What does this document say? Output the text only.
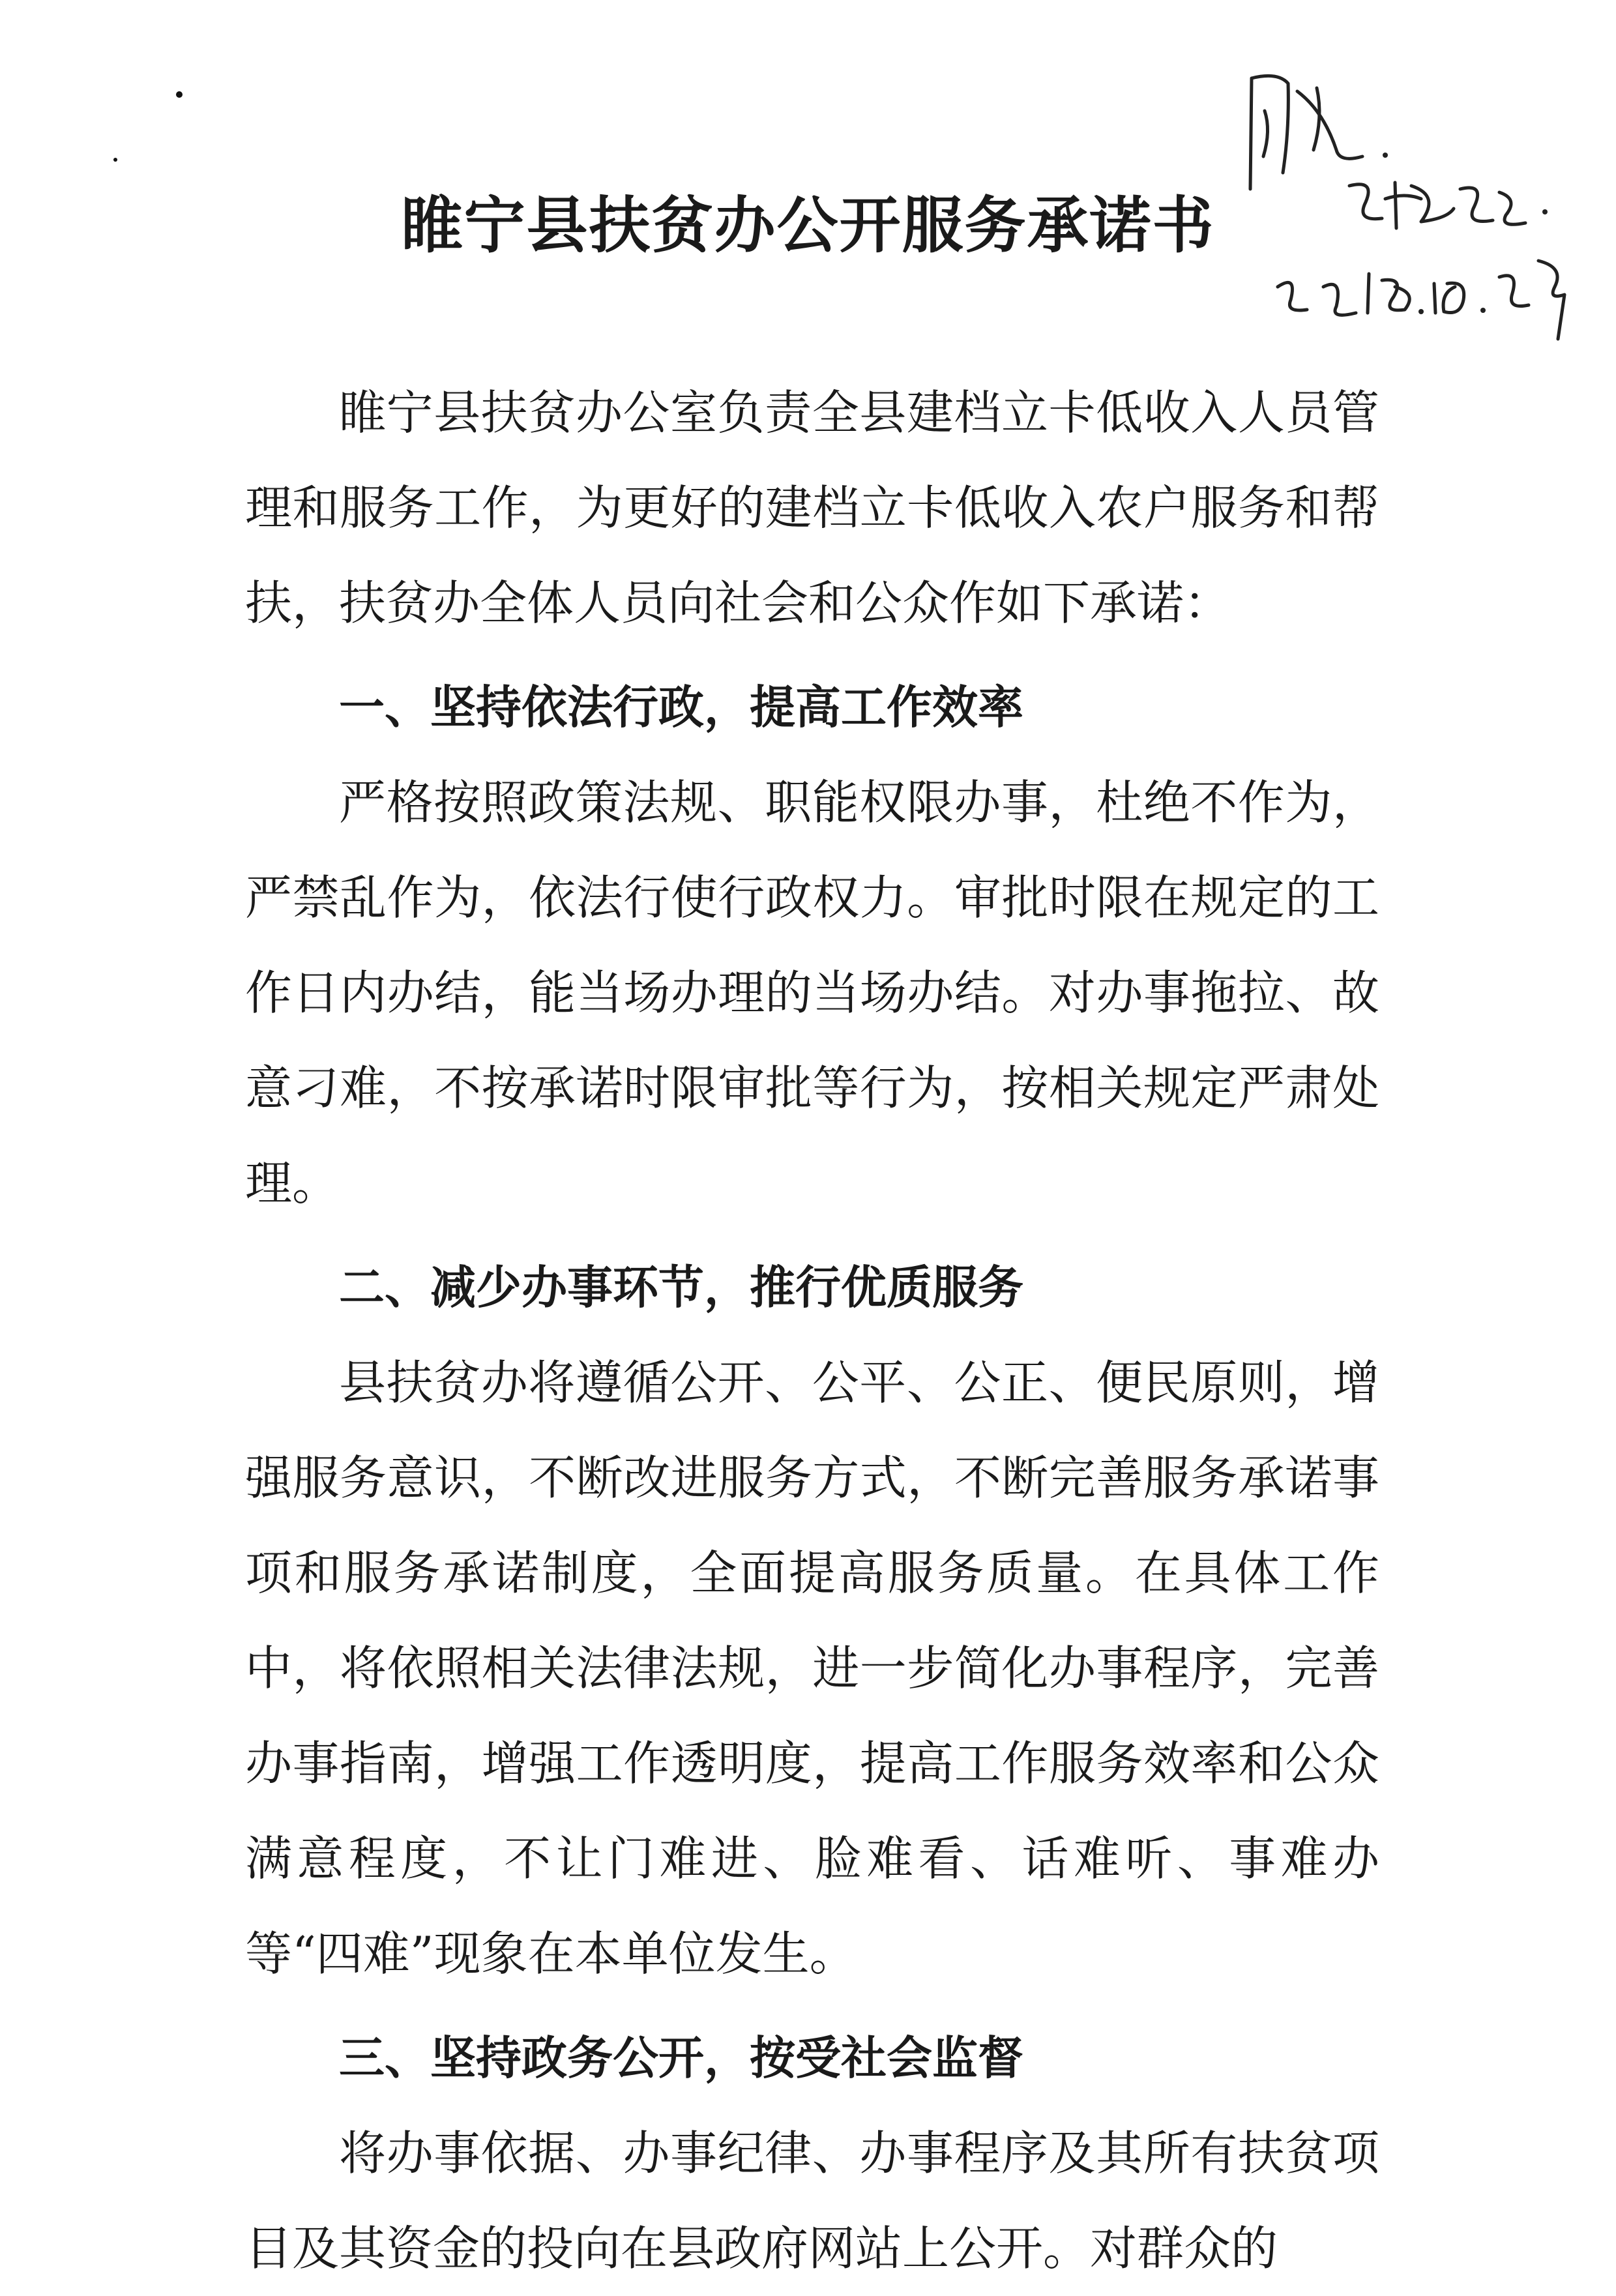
睢宁县扶贫办公开服务承诺书

睢宁县扶贫办公室负责全县建档立卡低收入人员管理和服务工作，为更好的建档立卡低收入农户服务和帮扶，扶贫办全体人员向社会和公众作如下承诺：

一、坚持依法行政，提高工作效率

严格按照政策法规、职能权限办事，杜绝不作为，严禁乱作为，依法行使行政权力。审批时限在规定的工作日内办结，能当场办理的当场办结。对办事拖拉、故意刁难，不按承诺时限审批等行为，按相关规定严肃处理。

二、减少办事环节，推行优质服务

县扶贫办将遵循公开、公平、公正、便民原则，增强服务意识，不断改进服务方式，不断完善服务承诺事项和服务承诺制度，全面提高服务质量。在具体工作中，将依照相关法律法规，进一步简化办事程序，完善办事指南，增强工作透明度，提高工作服务效率和公众满意程度，不让门难进、脸难看、话难听、事难办等“四难”现象在本单位发生。

三、坚持政务公开，按受社会监督

将办事依据、办事纪律、办事程序及其所有扶贫项目及其资金的投向在县政府网站上公开。对群众的
